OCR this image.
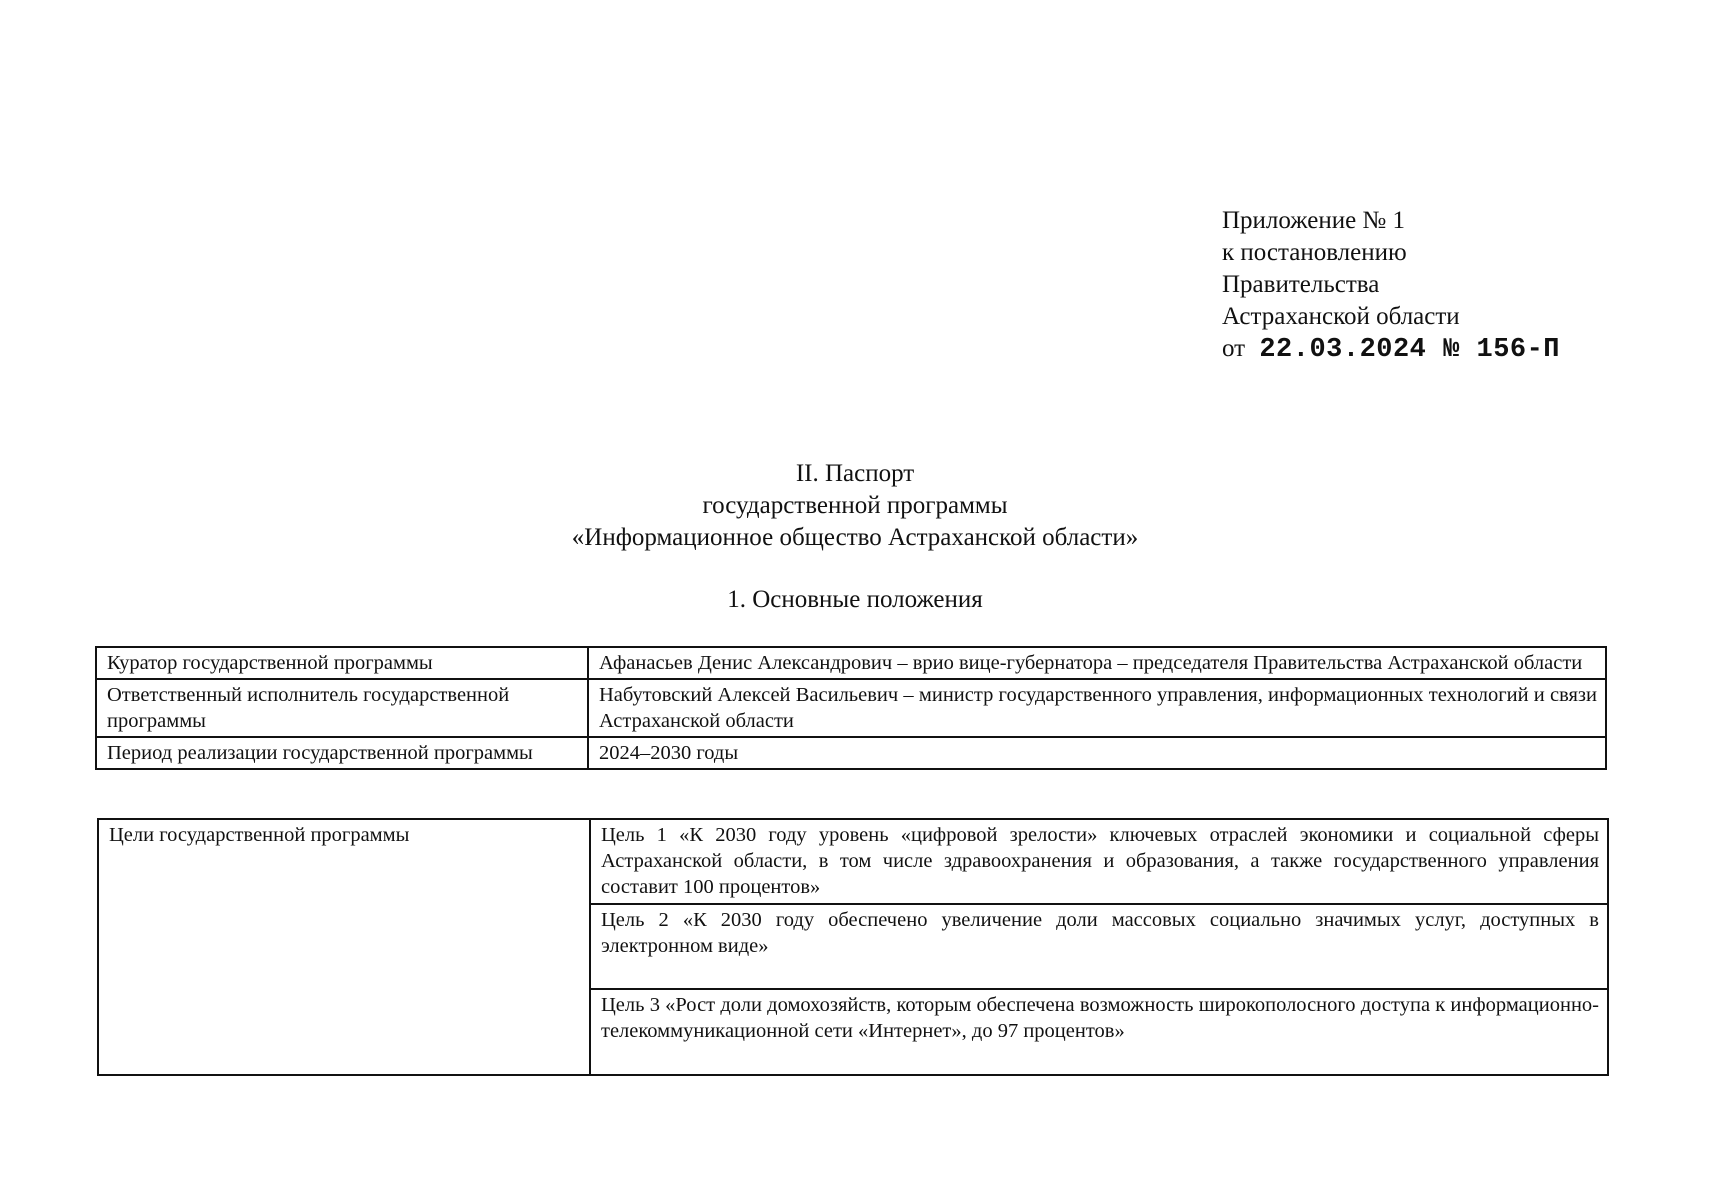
Приложение № 1
к постановлению
Правительства
Астраханской области
от 22.03.2024 № 156-П
II. Паспорт
государственной программы
«Информационное общество Астраханской области»
1. Основные положения
Куратор государственной программы	Афанасьев Денис Александрович – врио вице-губернатора – председателя Правительства Астраханской области
Ответственный исполнитель государственной программы	Набутовский Алексей Васильевич – министр государственного управления, информационных технологий и связи Астраханской области
Период реализации государственной программы	2024–2030 годы
Цели государственной программы	Цель 1 «К 2030 году уровень «цифровой зрелости» ключевых отраслей экономики и социальной сферы Астраханской области, в том числе здравоохранения и образования, а также государственного управления составит 100 процентов»
Цель 2 «К 2030 году обеспечено увеличение доли массовых социально значимых услуг, доступных в электронном виде»
Цель 3 «Рост доли домохозяйств, которым обеспечена возможность широкополосного доступа к информационно-телекоммуникационной сети «Интернет», до 97 процентов»
